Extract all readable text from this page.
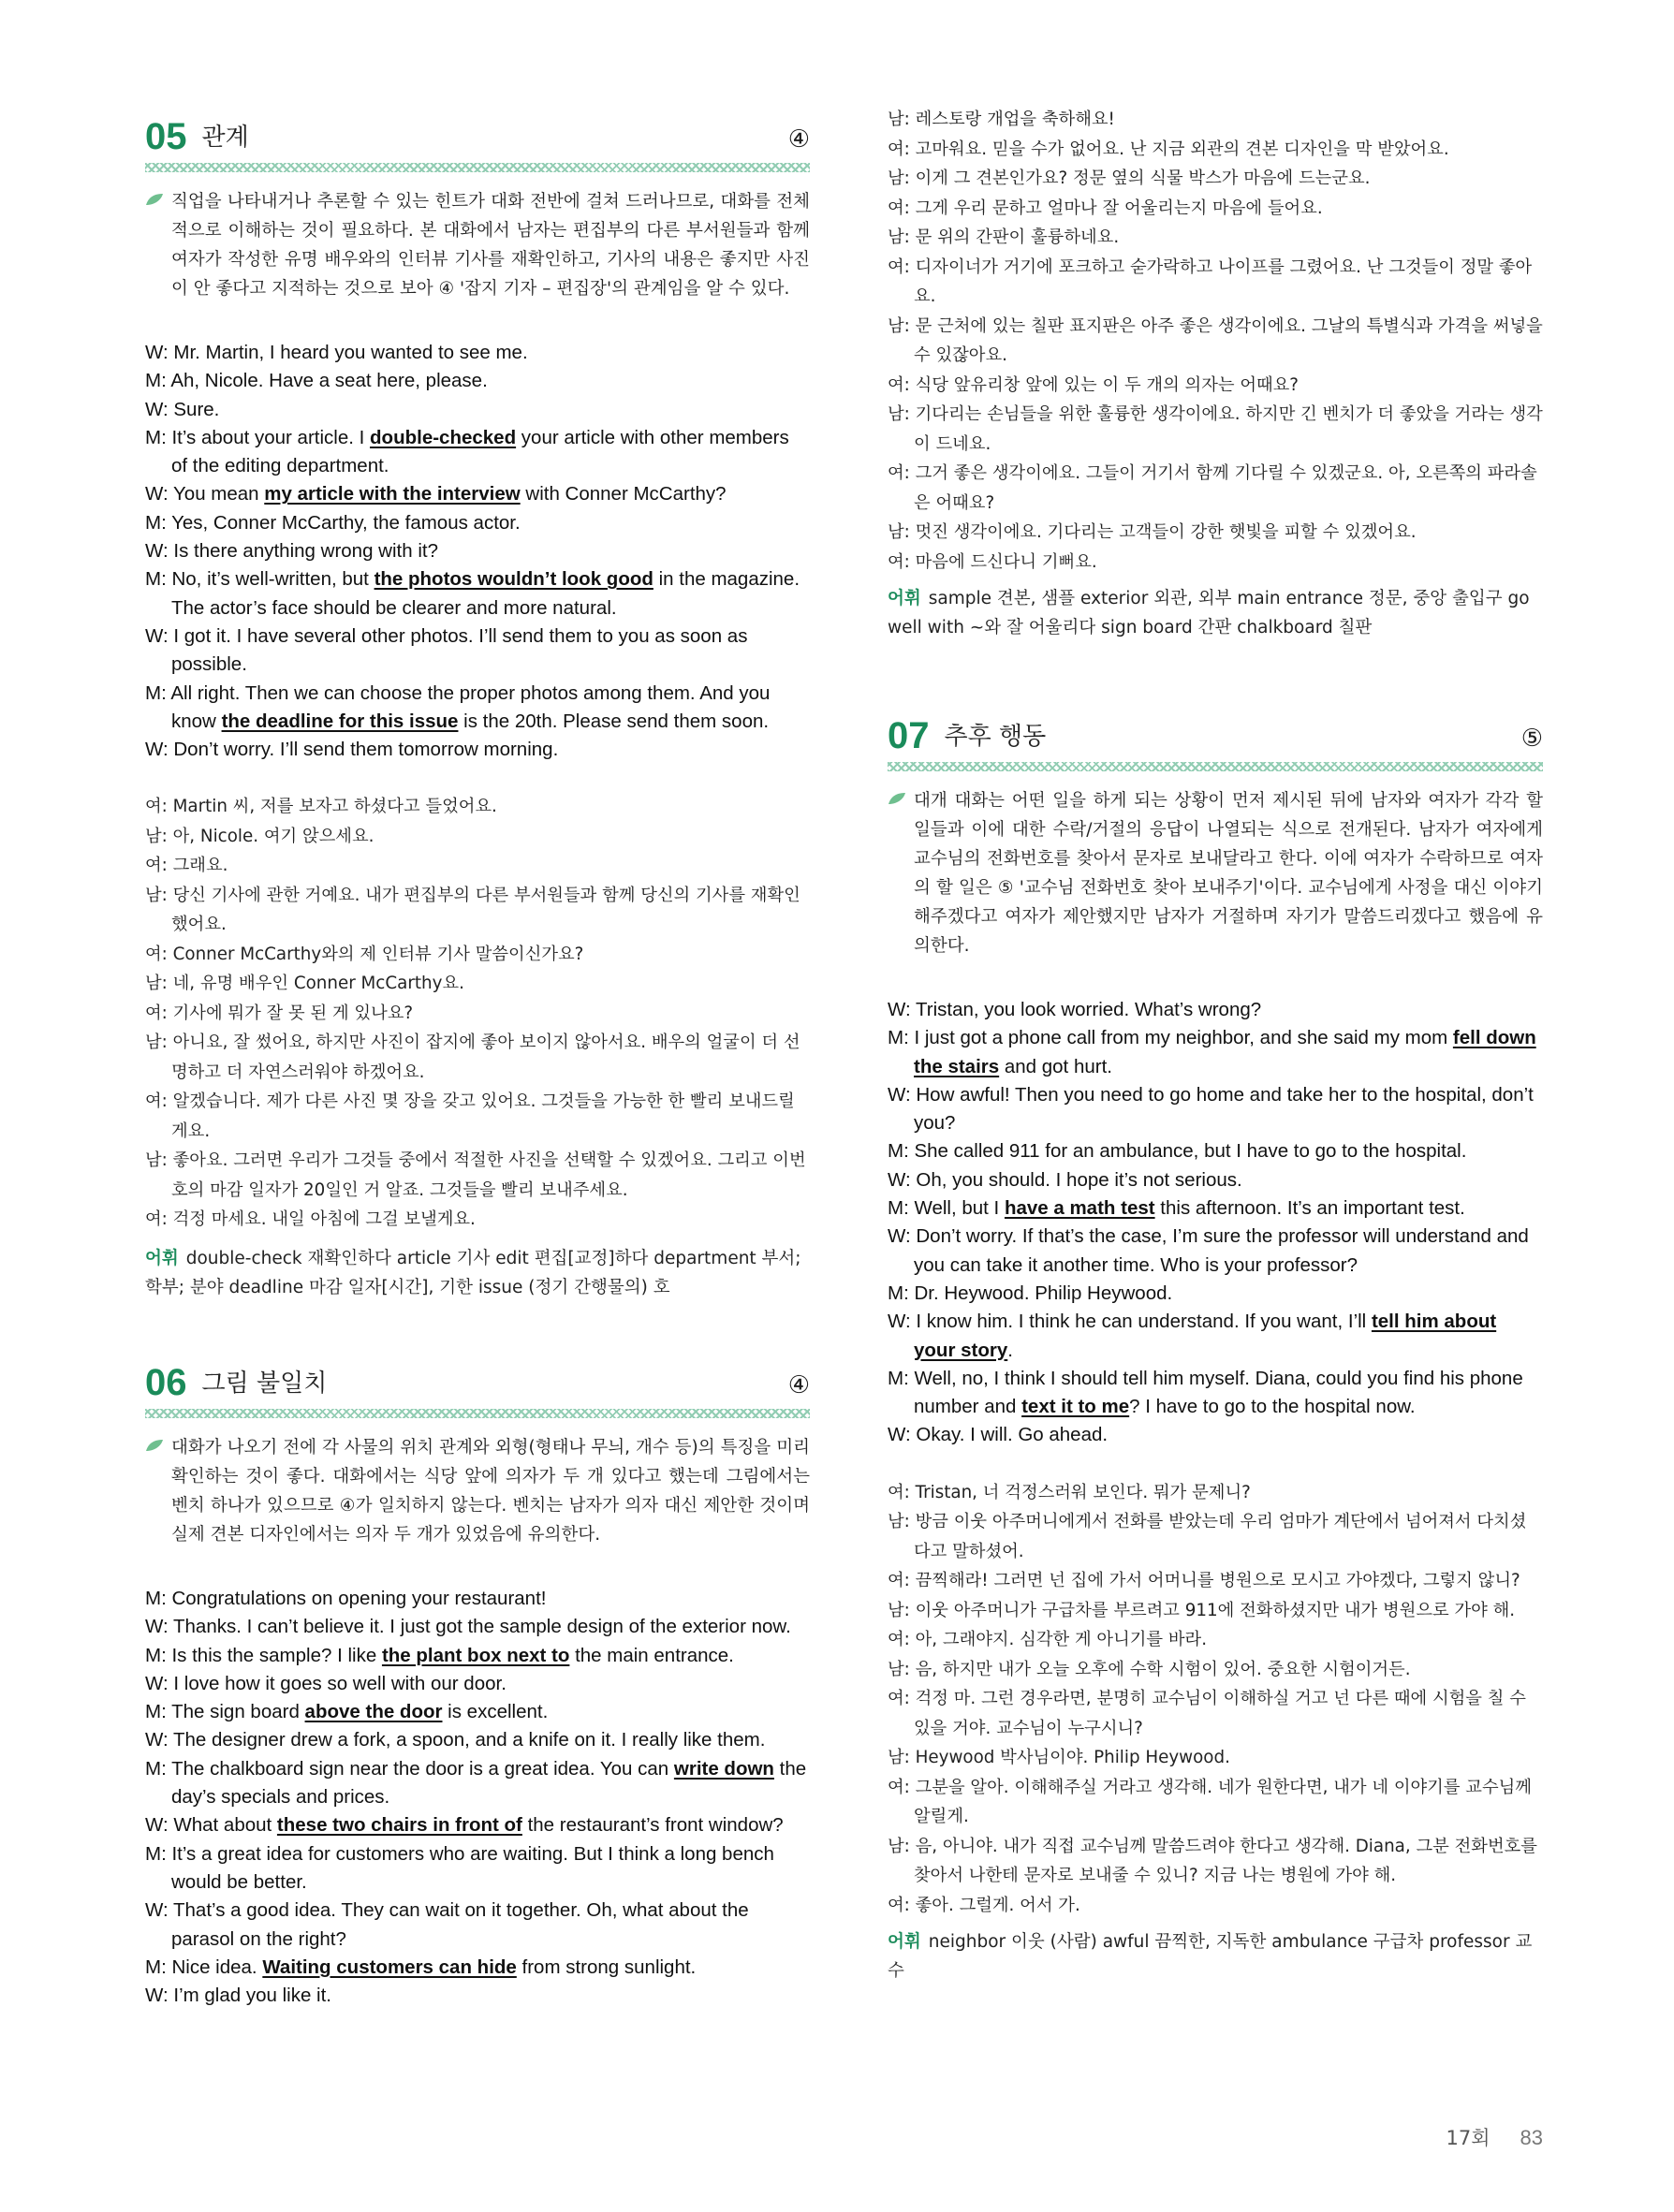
05 관계	④
직업을 나타내거나 추론할 수 있는 힌트가 대화 전반에 걸쳐 드러나므로, 대화를 전체적으로 이해하는 것이 필요하다. 본 대화에서 남자는 편집부의 다른 부서원들과 함께 여자가 작성한 유명 배우와의 인터뷰 기사를 재확인하고, 기사의 내용은 좋지만 사진이 안 좋다고 지적하는 것으로 보아 ④ '잡지 기자 – 편집장'의 관계임을 알 수 있다.
W: Mr. Martin, I heard you wanted to see me.
M: Ah, Nicole. Have a seat here, please.
W: Sure.
M: It’s about your article. I double-checked your article with other members of the editing department.
W: You mean my article with the interview with Conner McCarthy?
M: Yes, Conner McCarthy, the famous actor.
W: Is there anything wrong with it?
M: No, it’s well-written, but the photos wouldn’t look good in the magazine. The actor’s face should be clearer and more natural.
W: I got it. I have several other photos. I’ll send them to you as soon as possible.
M: All right. Then we can choose the proper photos among them. And you know the deadline for this issue is the 20th. Please send them soon.
W: Don’t worry. I’ll send them tomorrow morning.
여: Martin 씨, 저를 보자고 하셨다고 들었어요.
남: 아, Nicole. 여기 앉으세요.
여: 그래요.
남: 당신 기사에 관한 거예요. 내가 편집부의 다른 부서원들과 함께 당신의 기사를 재확인했어요.
여: Conner McCarthy와의 제 인터뷰 기사 말씀이신가요?
남: 네, 유명 배우인 Conner McCarthy요.
여: 기사에 뭐가 잘 못 된 게 있나요?
남: 아니요, 잘 썼어요, 하지만 사진이 잡지에 좋아 보이지 않아서요. 배우의 얼굴이 더 선명하고 더 자연스러워야 하겠어요.
여: 알겠습니다. 제가 다른 사진 몇 장을 갖고 있어요. 그것들을 가능한 한 빨리 보내드릴게요.
남: 좋아요. 그러면 우리가 그것들 중에서 적절한 사진을 선택할 수 있겠어요. 그리고 이번 호의 마감 일자가 20일인 거 알죠. 그것들을 빨리 보내주세요.
여: 걱정 마세요. 내일 아침에 그걸 보낼게요.
어휘 double-check 재확인하다 article 기사 edit 편집[교정]하다 department 부서; 학부; 분야 deadline 마감 일자[시간], 기한 issue (정기 간행물의) 호
06 그림 불일치	④
대화가 나오기 전에 각 사물의 위치 관계와 외형(형태나 무늬, 개수 등)의 특징을 미리 확인하는 것이 좋다. 대화에서는 식당 앞에 의자가 두 개 있다고 했는데 그림에서는 벤치 하나가 있으므로 ④가 일치하지 않는다. 벤치는 남자가 의자 대신 제안한 것이며 실제 견본 디자인에서는 의자 두 개가 있었음에 유의한다.
M: Congratulations on opening your restaurant!
W: Thanks. I can’t believe it. I just got the sample design of the exterior now.
M: Is this the sample? I like the plant box next to the main entrance.
W: I love how it goes so well with our door.
M: The sign board above the door is excellent.
W: The designer drew a fork, a spoon, and a knife on it. I really like them.
M: The chalkboard sign near the door is a great idea. You can write down the day’s specials and prices.
W: What about these two chairs in front of the restaurant’s front window?
M: It’s a great idea for customers who are waiting. But I think a long bench would be better.
W: That’s a good idea. They can wait on it together. Oh, what about the parasol on the right?
M: Nice idea. Waiting customers can hide from strong sunlight.
W: I’m glad you like it.
남: 레스토랑 개업을 축하해요!
여: 고마워요. 믿을 수가 없어요. 난 지금 외관의 견본 디자인을 막 받았어요.
남: 이게 그 견본인가요? 정문 옆의 식물 박스가 마음에 드는군요.
여: 그게 우리 문하고 얼마나 잘 어울리는지 마음에 들어요.
남: 문 위의 간판이 훌륭하네요.
여: 디자이너가 거기에 포크하고 숟가락하고 나이프를 그렸어요. 난 그것들이 정말 좋아요.
남: 문 근처에 있는 칠판 표지판은 아주 좋은 생각이에요. 그날의 특별식과 가격을 써넣을 수 있잖아요.
여: 식당 앞유리창 앞에 있는 이 두 개의 의자는 어때요?
남: 기다리는 손님들을 위한 훌륭한 생각이에요. 하지만 긴 벤치가 더 좋았을 거라는 생각이 드네요.
여: 그거 좋은 생각이에요. 그들이 거기서 함께 기다릴 수 있겠군요. 아, 오른쪽의 파라솔은 어때요?
남: 멋진 생각이에요. 기다리는 고객들이 강한 햇빛을 피할 수 있겠어요.
여: 마음에 드신다니 기뻐요.
어휘 sample 견본, 샘플 exterior 외관, 외부 main entrance 정문, 중앙 출입구 go well with ~와 잘 어울리다 sign board 간판 chalkboard 칠판
07 추후 행동	⑤
대개 대화는 어떤 일을 하게 되는 상황이 먼저 제시된 뒤에 남자와 여자가 각각 할 일들과 이에 대한 수락/거절의 응답이 나열되는 식으로 전개된다. 남자가 여자에게 교수님의 전화번호를 찾아서 문자로 보내달라고 한다. 이에 여자가 수락하므로 여자의 할 일은 ⑤ '교수님 전화번호 찾아 보내주기'이다. 교수님에게 사정을 대신 이야기해주겠다고 여자가 제안했지만 남자가 거절하며 자기가 말씀드리겠다고 했음에 유의한다.
W: Tristan, you look worried. What’s wrong?
M: I just got a phone call from my neighbor, and she said my mom fell down the stairs and got hurt.
W: How awful! Then you need to go home and take her to the hospital, don’t you?
M: She called 911 for an ambulance, but I have to go to the hospital.
W: Oh, you should. I hope it’s not serious.
M: Well, but I have a math test this afternoon. It’s an important test.
W: Don’t worry. If that’s the case, I’m sure the professor will understand and you can take it another time. Who is your professor?
M: Dr. Heywood. Philip Heywood.
W: I know him. I think he can understand. If you want, I’ll tell him about your story.
M: Well, no, I think I should tell him myself. Diana, could you find his phone number and text it to me? I have to go to the hospital now.
W: Okay. I will. Go ahead.
여: Tristan, 너 걱정스러워 보인다. 뭐가 문제니?
남: 방금 이웃 아주머니에게서 전화를 받았는데 우리 엄마가 계단에서 넘어져서 다치셨다고 말하셨어.
여: 끔찍해라! 그러면 넌 집에 가서 어머니를 병원으로 모시고 가야겠다, 그렇지 않니?
남: 이웃 아주머니가 구급차를 부르려고 911에 전화하셨지만 내가 병원으로 가야 해.
여: 아, 그래야지. 심각한 게 아니기를 바라.
남: 음, 하지만 내가 오늘 오후에 수학 시험이 있어. 중요한 시험이거든.
여: 걱정 마. 그런 경우라면, 분명히 교수님이 이해하실 거고 넌 다른 때에 시험을 칠 수 있을 거야. 교수님이 누구시니?
남: Heywood 박사님이야. Philip Heywood.
여: 그분을 알아. 이해해주실 거라고 생각해. 네가 원한다면, 내가 네 이야기를 교수님께 알릴게.
남: 음, 아니야. 내가 직접 교수님께 말씀드려야 한다고 생각해. Diana, 그분 전화번호를 찾아서 나한테 문자로 보내줄 수 있니? 지금 나는 병원에 가야 해.
여: 좋아. 그럴게. 어서 가.
어휘 neighbor 이웃 (사람) awful 끔찍한, 지독한 ambulance 구급차 professor 교수
17회 83
